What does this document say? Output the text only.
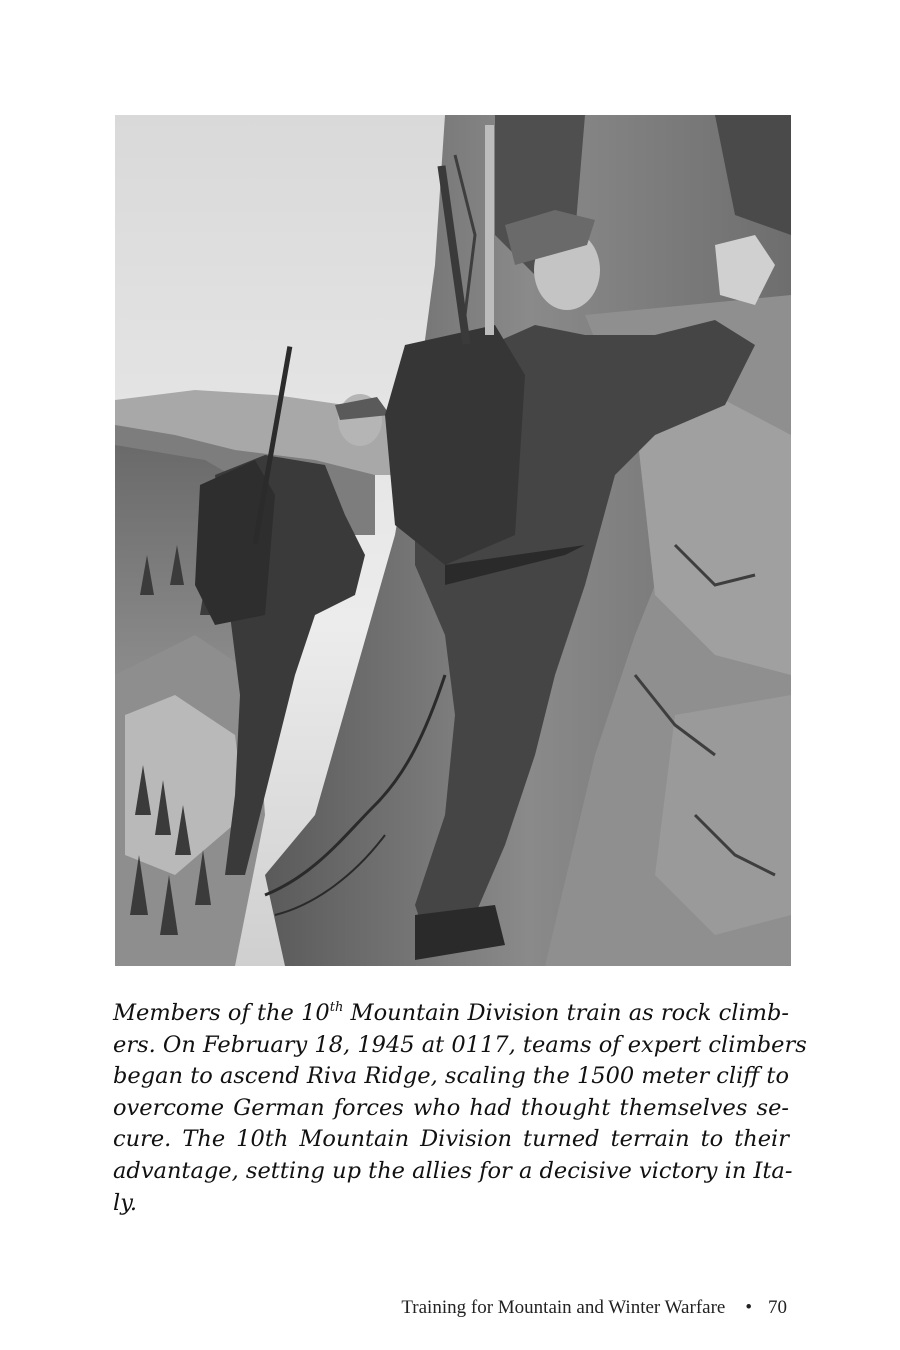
Members of the 10th Mountain Division train as rock climb-
ers. On February 18, 1945 at 0117, teams of expert climbers
began to ascend Riva Ridge, scaling the 1500 meter cliff to
overcome German forces who had thought themselves se-
cure. The 10th Mountain Division turned terrain to their
advantage, setting up the allies for a decisive victory in Ita-
ly.

Training for Mountain and Winter Warfare • 70
